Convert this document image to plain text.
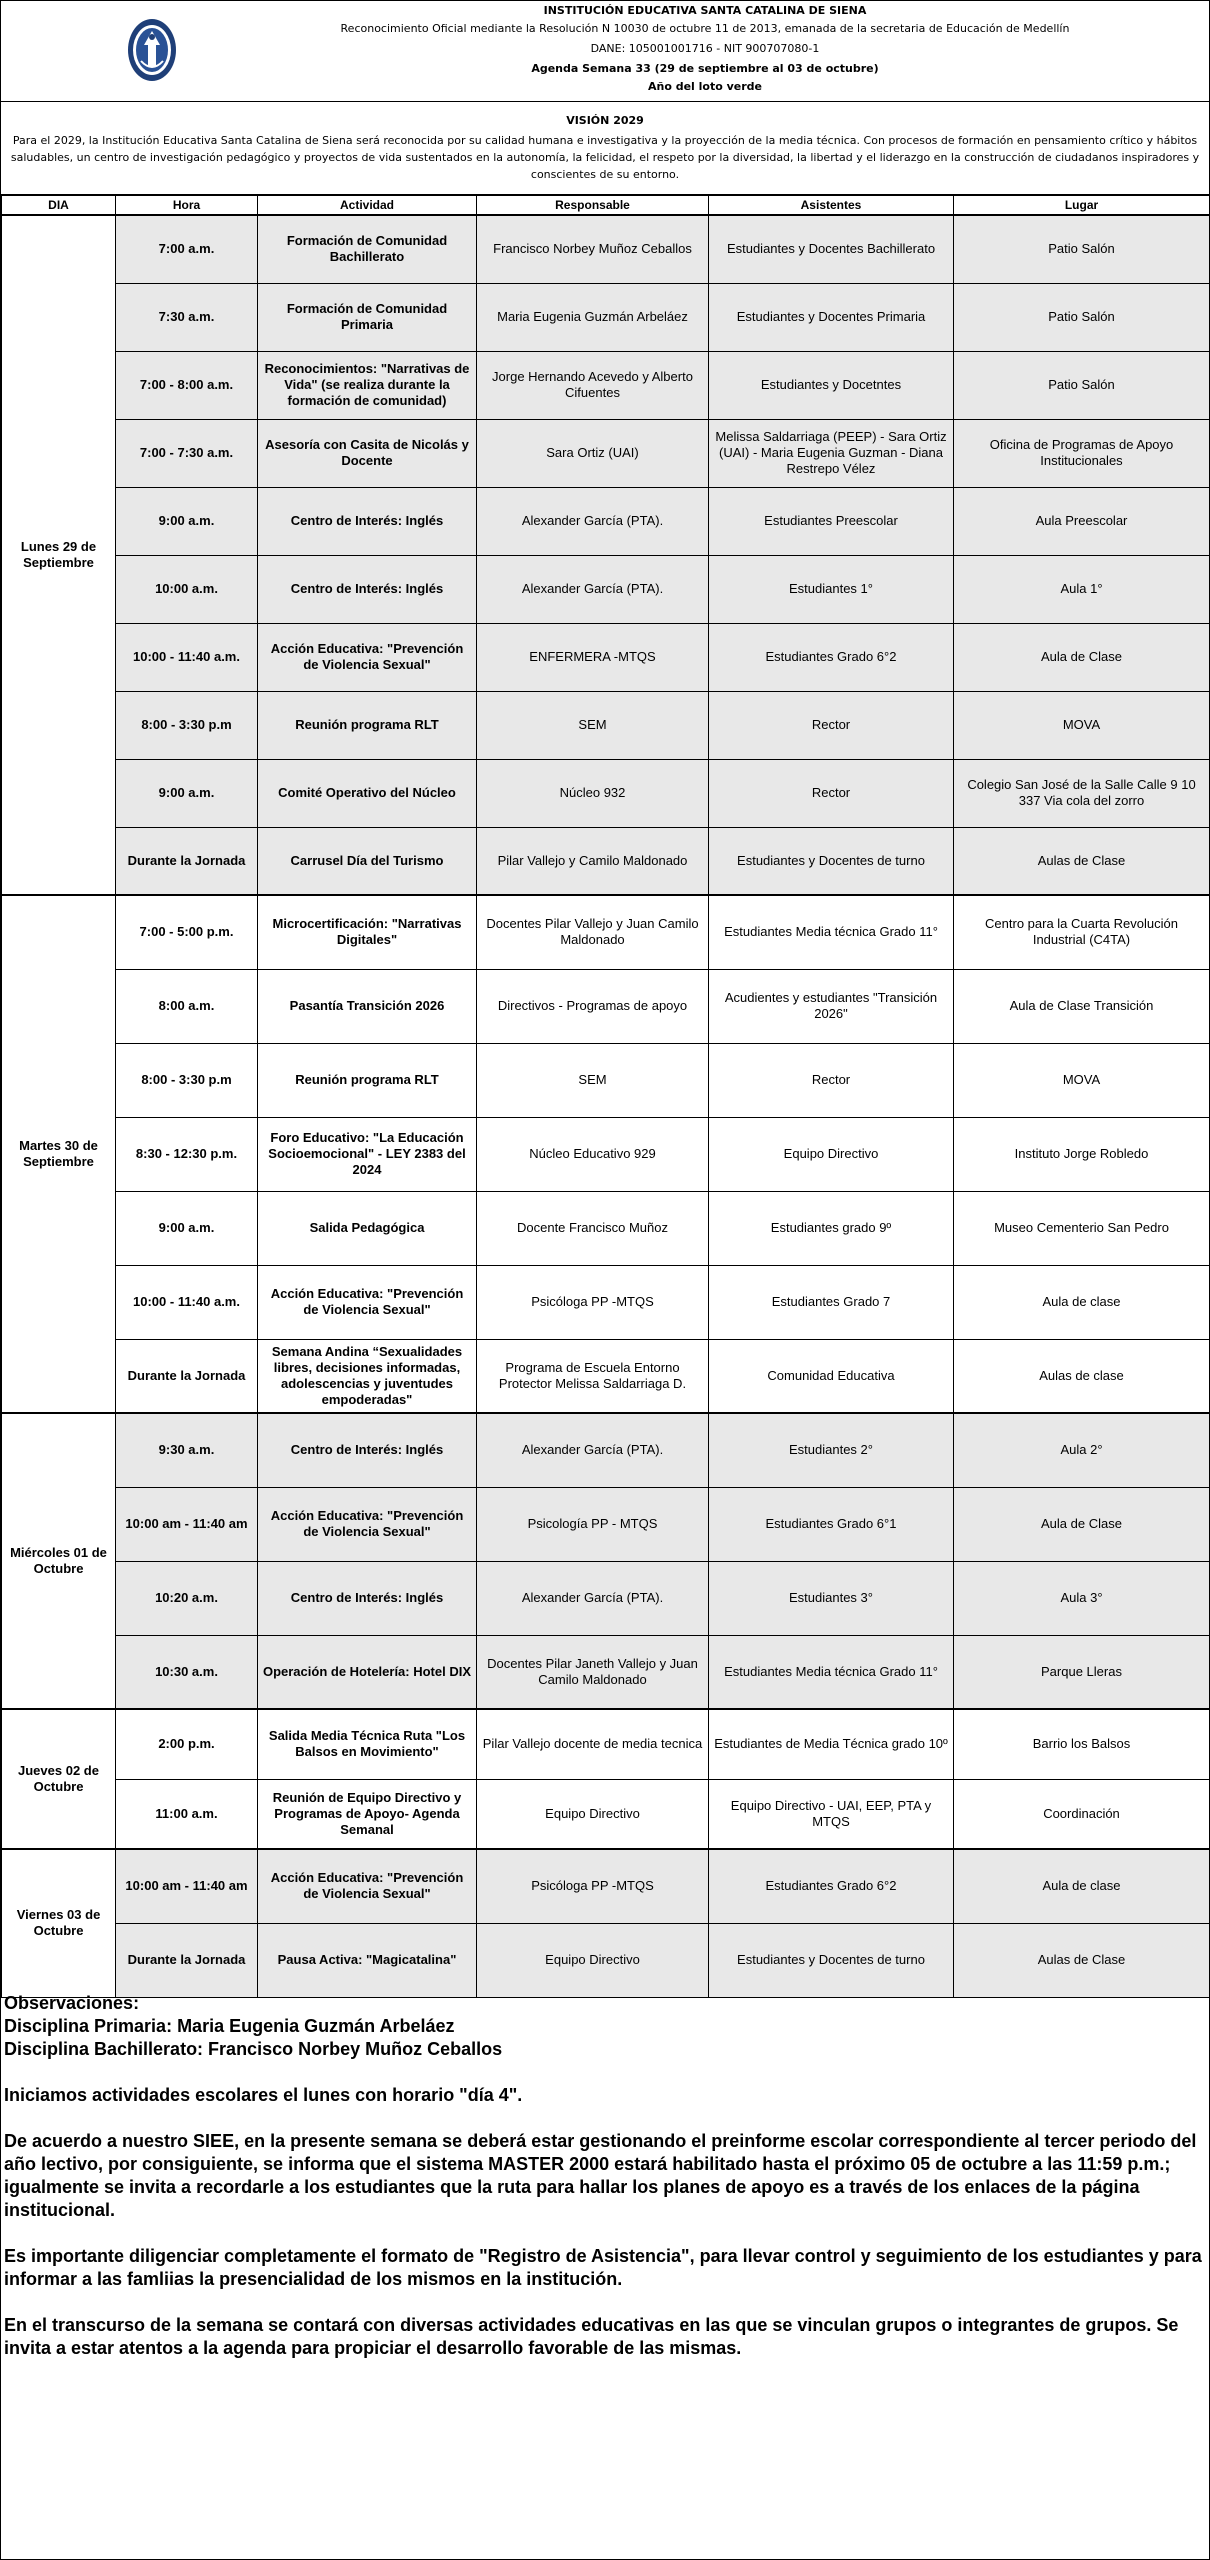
INSTITUCIÓN EDUCATIVA SANTA CATALINA DE SIENA
Reconocimiento Oficial mediante la Resolución N 10030 de octubre 11 de 2013, emanada de la secretaria de Educación de Medellín
DANE: 105001001716 - NIT 900707080-1
Agenda Semana 33 (29 de septiembre al 03 de octubre)
Año del loto verde
VISIÓN 2029
Para el 2029, la Institución Educativa Santa Catalina de Siena será reconocida por su calidad humana e investigativa y la proyección de la media técnica. Con procesos de formación en pensamiento crítico y hábitos saludables, un centro de investigación pedagógico y proyectos de vida sustentados en la autonomía, la felicidad, el respeto por la diversidad, la libertad y el liderazgo en la construcción de ciudadanos inspiradores y conscientes de su entorno.
DIA	Hora	Actividad	Responsable	Asistentes	Lugar
Lunes 29 de Septiembre	7:00 a.m.	Formación de Comunidad Bachillerato	Francisco Norbey Muñoz Ceballos	Estudiantes y Docentes Bachillerato	Patio Salón
	7:30 a.m.	Formación de Comunidad Primaria	Maria Eugenia Guzmán Arbeláez	Estudiantes y Docentes Primaria	Patio Salón
	7:00 - 8:00 a.m.	Reconocimientos: "Narrativas de Vida" (se realiza durante la formación de comunidad)	Jorge Hernando Acevedo y Alberto Cifuentes	Estudiantes y Docetntes	Patio Salón
	7:00 - 7:30 a.m.	Asesoría con Casita de Nicolás y Docente	Sara Ortiz (UAI)	Melissa Saldarriaga (PEEP) - Sara Ortiz (UAI) - Maria Eugenia Guzman - Diana Restrepo Vélez	Oficina de Programas de Apoyo Institucionales
	9:00 a.m.	Centro de Interés: Inglés	Alexander García (PTA).	Estudiantes Preescolar	Aula Preescolar
	10:00 a.m.	Centro de Interés: Inglés	Alexander García (PTA).	Estudiantes 1°	Aula 1°
	10:00 - 11:40 a.m.	Acción Educativa: "Prevención de Violencia Sexual"	ENFERMERA -MTQS	Estudiantes Grado 6°2	Aula de Clase
	8:00 - 3:30 p.m	Reunión programa RLT	SEM	Rector	MOVA
	9:00 a.m.	Comité Operativo del Núcleo	Núcleo 932	Rector	Colegio San José de la Salle Calle 9 10 337 Via cola del zorro
	Durante la Jornada	Carrusel Día del Turismo	Pilar Vallejo y Camilo Maldonado	Estudiantes y Docentes de turno	Aulas de Clase
Martes 30 de Septiembre	7:00 - 5:00 p.m.	Microcertificación: "Narrativas Digitales"	Docentes Pilar Vallejo y Juan Camilo Maldonado	Estudiantes Media técnica Grado 11°	Centro para la Cuarta Revolución Industrial (C4TA)
	8:00 a.m.	Pasantía Transición 2026	Directivos - Programas de apoyo	Acudientes y estudiantes "Transición 2026"	Aula de Clase Transición
	8:00 - 3:30 p.m	Reunión programa RLT	SEM	Rector	MOVA
	8:30 - 12:30 p.m.	Foro Educativo: "La Educación Socioemocional" - LEY 2383 del 2024	Núcleo Educativo 929	Equipo Directivo	Instituto Jorge Robledo
	9:00 a.m.	Salida Pedagógica	Docente Francisco Muñoz	Estudiantes grado 9º	Museo Cementerio San Pedro
	10:00 - 11:40 a.m.	Acción Educativa: "Prevención de Violencia Sexual"	Psicóloga PP -MTQS	Estudiantes Grado 7	Aula de clase
	Durante la Jornada	Semana Andina “Sexualidades libres, decisiones informadas, adolescencias y juventudes empoderadas"	Programa de Escuela Entorno Protector Melissa Saldarriaga D.	Comunidad Educativa	Aulas de clase
Miércoles 01 de Octubre	9:30 a.m.	Centro de Interés: Inglés	Alexander García (PTA).	Estudiantes 2°	Aula 2°
	10:00 am - 11:40 am	Acción Educativa: "Prevención de Violencia Sexual"	Psicología PP - MTQS	Estudiantes Grado 6°1	Aula de Clase
	10:20 a.m.	Centro de Interés: Inglés	Alexander García (PTA).	Estudiantes 3°	Aula 3°
	10:30 a.m.	Operación de Hotelería: Hotel DIX	Docentes Pilar Janeth Vallejo y Juan Camilo Maldonado	Estudiantes Media técnica Grado 11°	Parque Lleras
Jueves 02 de Octubre	2:00 p.m.	Salida Media Técnica Ruta "Los Balsos en Movimiento"	Pilar Vallejo docente de media tecnica	Estudiantes de Media Técnica grado 10º	Barrio los Balsos
	11:00 a.m.	Reunión de Equipo Directivo y Programas de Apoyo- Agenda Semanal	Equipo Directivo	Equipo Directivo - UAI, EEP, PTA y MTQS	Coordinación
Viernes 03 de Octubre	10:00 am - 11:40 am	Acción Educativa: "Prevención de Violencia Sexual"	Psicóloga PP -MTQS	Estudiantes Grado 6°2	Aula de clase
	Durante la Jornada	Pausa Activa: "Magicatalina"	Equipo Directivo	Estudiantes y Docentes de turno	Aulas de Clase

Observaciones:

Disciplina Primaria: Maria Eugenia Guzmán Arbeláez

Disciplina Bachillerato: Francisco Norbey Muñoz Ceballos

Iniciamos actividades escolares el lunes con horario "día 4".

De acuerdo a nuestro SIEE, en la presente semana se deberá estar gestionando el preinforme escolar correspondiente al tercer periodo del año lectivo, por consiguiente, se informa que el sistema MASTER 2000 estará habilitado hasta el próximo 05 de octubre a las 11:59 p.m.; igualmente se invita a recordarle a los estudiantes que la ruta para hallar los planes de apoyo es a través de los enlaces de la página institucional.

Es importante diligenciar completamente el formato de "Registro de Asistencia", para llevar control y seguimiento de los estudiantes y para informar a las famliias la presencialidad de los mismos en la institución.

En el transcurso de la semana se contará con diversas actividades educativas en las que se vinculan grupos o integrantes de grupos. Se invita a estar atentos a la agenda para propiciar el desarrollo favorable de las mismas.
